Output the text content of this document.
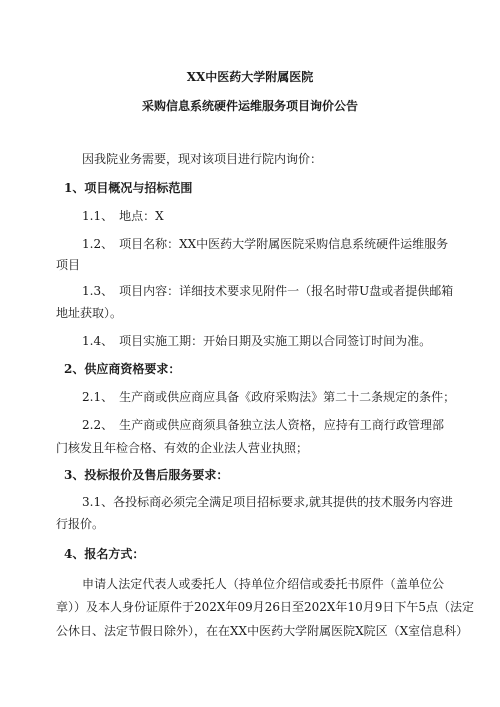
XX中医药大学附属医院
采购信息系统硬件运维服务项目询价公告
因我院业务需要，现对该项目进行院内询价：
1、项目概况与招标范围
1.1、　地点：X
1.2、　项目名称：XX中医药大学附属医院采购信息系统硬件运维服务
项目
1.3、　项目内容：详细技术要求见附件一（报名时带U盘或者提供邮箱
地址获取）。
1.4、　项目实施工期：开始日期及实施工期以合同签订时间为准。
2、供应商资格要求：
2.1、　生产商或供应商应具备《政府采购法》第二十二条规定的条件；
2.2、　生产商或供应商须具备独立法人资格，应持有工商行政管理部
门核发且年检合格、有效的企业法人营业执照；
3、投标报价及售后服务要求：
3.1、各投标商必须完全满足项目招标要求,就其提供的技术服务内容进
行报价。
4、报名方式：
申请人法定代表人或委托人（持单位介绍信或委托书原件（盖单位公
章））及本人身份证原件于202X年09月26日至202X年10月9日下午5点（法定
公休日、法定节假日除外），在在XX中医药大学附属医院X院区（X室信息科）
